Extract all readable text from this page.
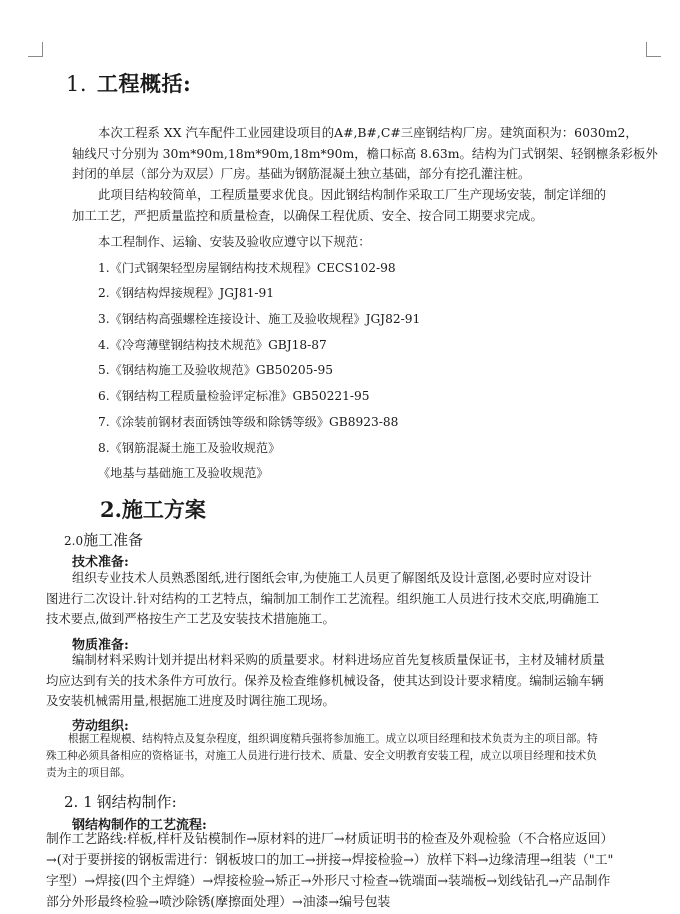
1. 工程概括:
本次工程系 XX 汽车配件工业园建设项目的A#,B#,C#三座钢结构厂房。建筑面积为：6030m2，
轴线尺寸分别为 30m*90m,18m*90m,18m*90m，檐口标高 8.63m。结构为门式钢架、轻钢檩条彩板外
封闭的单层（部分为双层）厂房。基础为钢筋混凝土独立基础，部分有挖孔灌注桩。
此项目结构较简单，工程质量要求优良。因此钢结构制作采取工厂生产现场安装，制定详细的
加工工艺，严把质量监控和质量检查，以确保工程优质、安全、按合同工期要求完成。
本工程制作、运输、安装及验收应遵守以下规范：
1.《门式钢架轻型房屋钢结构技术规程》CECS102-98
2.《钢结构焊接规程》JGJ81-91
3.《钢结构高强螺栓连接设计、施工及验收规程》JGJ82-91
4.《冷弯薄壁钢结构技术规范》GBJ18-87
5.《钢结构施工及验收规范》GB50205-95
6.《钢结构工程质量检验评定标准》GB50221-95
7.《涂装前钢材表面锈蚀等级和除锈等级》GB8923-88
8.《钢筋混凝土施工及验收规范》
《地基与基础施工及验收规范》
2.施工方案
2.0施工准备
技术准备:
组织专业技术人员熟悉图纸,进行图纸会审,为使施工人员更了解图纸及设计意图,必要时应对设计
图进行二次设计.针对结构的工艺特点，编制加工制作工艺流程。组织施工人员进行技术交底,明确施工
技术要点,做到严格按生产工艺及安装技术措施施工。
物质准备:
编制材料采购计划并提出材料采购的质量要求。材料进场应首先复核质量保证书，主材及辅材质量
均应达到有关的技术条件方可放行。保养及检查维修机械设备，使其达到设计要求精度。编制运输车辆
及安装机械需用量,根据施工进度及时调往施工现场。
劳动组织:
根据工程规模、结构特点及复杂程度，组织调度精兵强将参加施工。成立以项目经理和技术负责为主的项目部。特
殊工种必须具备相应的资格证书，对施工人员进行进行技术、质量、安全文明教育安装工程，成立以项目经理和技术负
责为主的项目部。
2. 1 钢结构制作:
钢结构制作的工艺流程:
制作工艺路线:样板,样杆及钻模制作→原材料的进厂→材质证明书的检查及外观检验（不合格应返回）
→(对于要拼接的钢板需进行：钢板坡口的加工→拼接→焊接检验→）放样下料→边缘清理→组装（"工"
字型）→焊接(四个主焊缝）→焊接检验→矫正→外形尺寸检查→铣端面→装端板→划线钻孔→产品制作
部分外形最终检验→喷沙除锈(摩擦面处理）→油漆→编号包装
